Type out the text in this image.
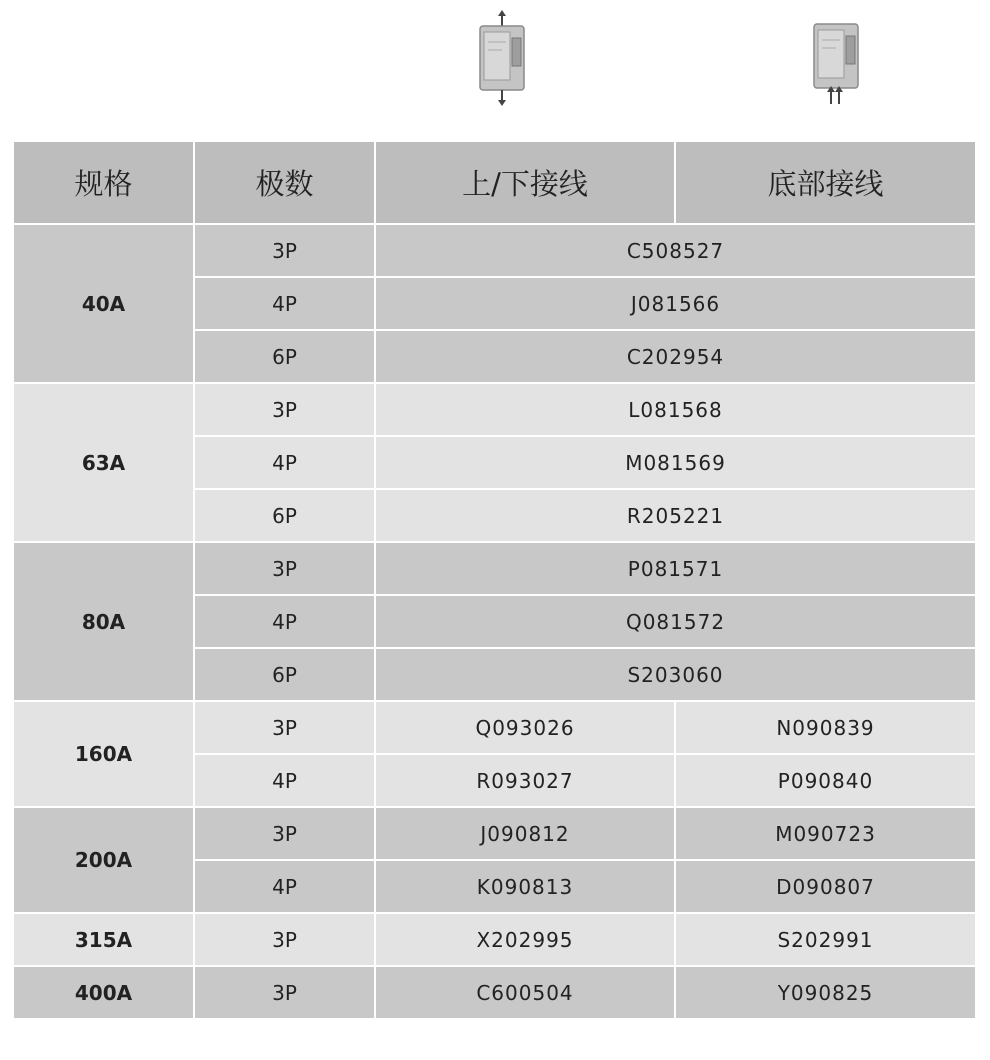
规格	极数	上/下接线	底部接线
40A	3P	C508527	
	4P	J081566	
	6P	C202954	
63A	3P	L081568	
	4P	M081569	
	6P	R205221	
80A	3P	P081571	
	4P	Q081572	
	6P	S203060	
160A	3P	Q093026	N090839
	4P	R093027	P090840
200A	3P	J090812	M090723
	4P	K090813	D090807
315A	3P	X202995	S202991
400A	3P	C600504	Y090825
